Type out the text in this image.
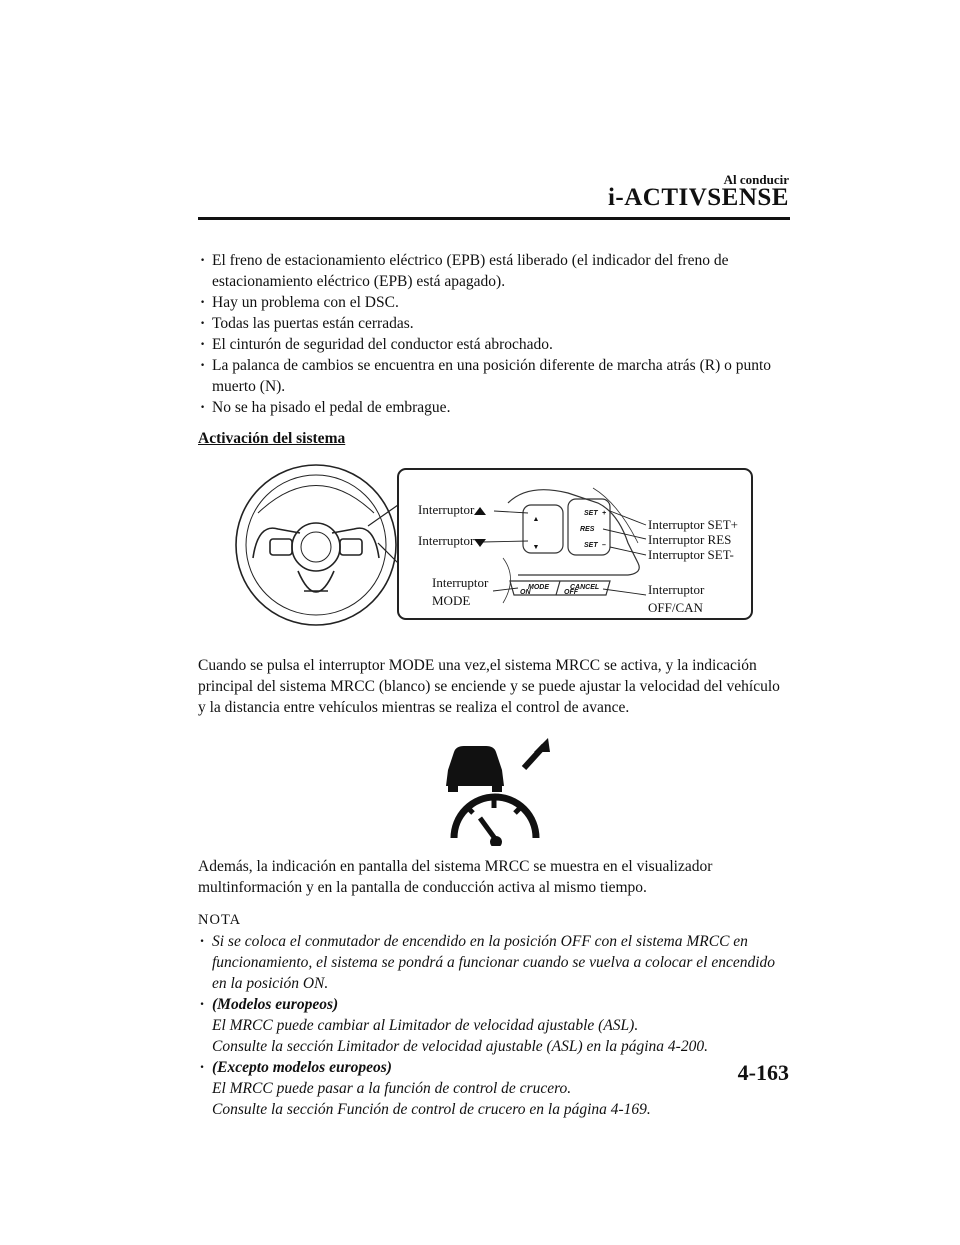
Al conducir
i-ACTIVSENSE
· El freno de estacionamiento eléctrico (EPB) está liberado (el indicador del freno de estacionamiento eléctrico (EPB) está apagado).
· Hay un problema con el DSC.
· Todas las puertas están cerradas.
· El cinturón de seguridad del conductor está abrochado.
· La palanca de cambios se encuentra en una posición diferente de marcha atrás (R) o punto muerto (N).
· No se ha pisado el pedal de embrague.
Activación del sistema
▲
▼
SET +
RES
SET –
MODE
ON
CANCEL
OFF
Interruptor
Interruptor
Interruptor
MODE
Interruptor SET+
Interruptor RES
Interruptor SET-
Interruptor
OFF/CAN
Cuando se pulsa el interruptor MODE una vez,el sistema MRCC se activa, y la indicación principal del sistema MRCC (blanco) se enciende y se puede ajustar la velocidad del vehículo y la distancia entre vehículos mientras se realiza el control de avance.
Además, la indicación en pantalla del sistema MRCC se muestra en el visualizador multinformación y en la pantalla de conducción activa al mismo tiempo.
NOTA
· Si se coloca el conmutador de encendido en la posición OFF con el sistema MRCC en funcionamiento, el sistema se pondrá a funcionar cuando se vuelva a colocar el encendido en la posición ON.
· (Modelos europeos)
El MRCC puede cambiar al Limitador de velocidad ajustable (ASL).
Consulte la sección Limitador de velocidad ajustable (ASL) en la página 4-200.
· (Excepto modelos europeos)
El MRCC puede pasar a la función de control de crucero.
Consulte la sección Función de control de crucero en la página 4-169.
4-163
